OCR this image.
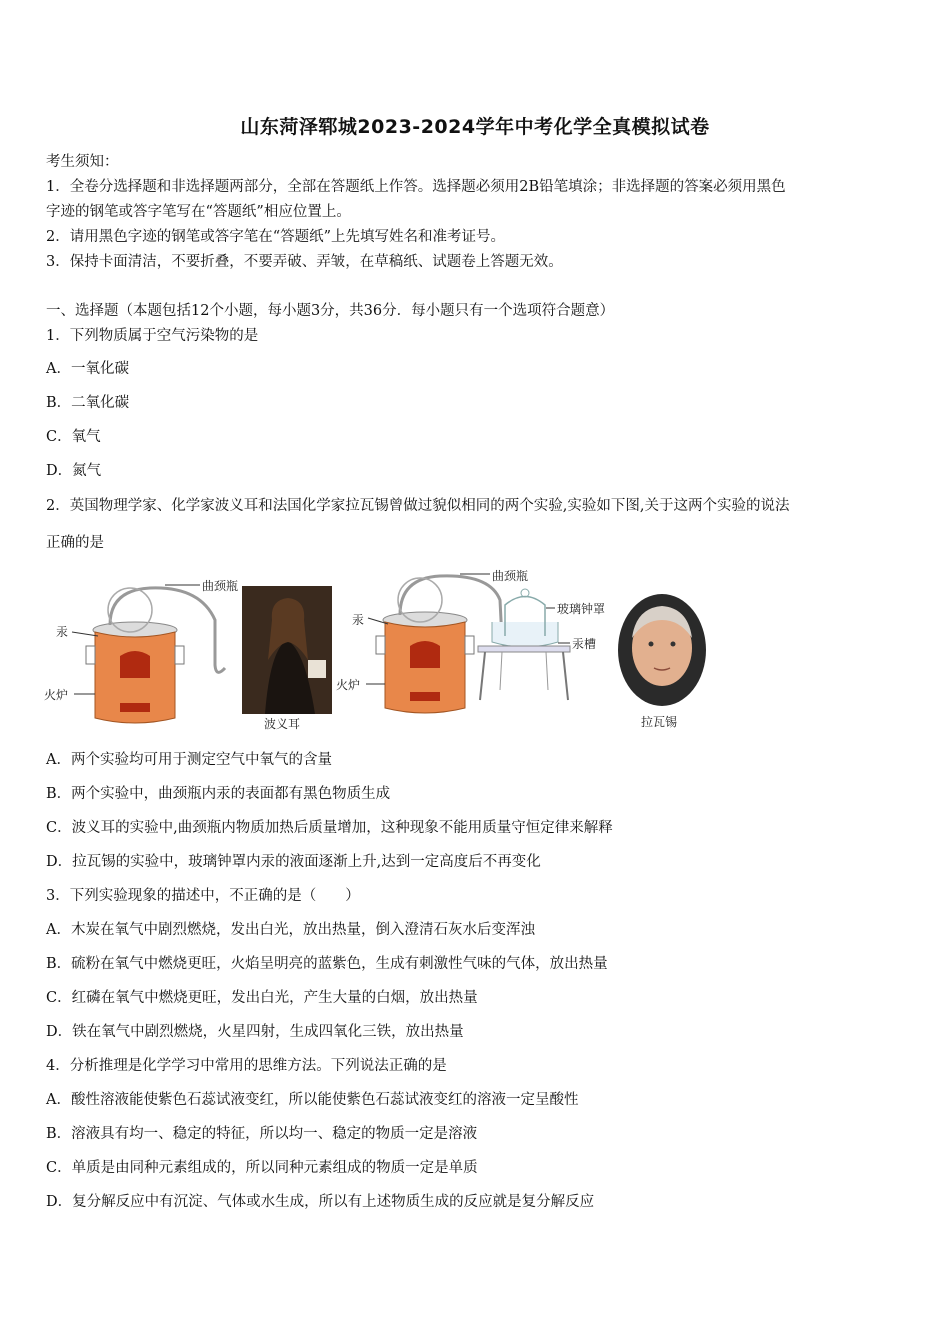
山东菏泽郓城2023-2024学年中考化学全真模拟试卷
考生须知：
1．全卷分选择题和非选择题两部分，全部在答题纸上作答。选择题必须用2B铅笔填涂；非选择题的答案必须用黑色
字迹的钢笔或答字笔写在“答题纸”相应位置上。
2．请用黑色字迹的钢笔或答字笔在“答题纸”上先填写姓名和准考证号。
3．保持卡面清洁，不要折叠，不要弄破、弄皱，在草稿纸、试题卷上答题无效。
一、选择题（本题包括12个小题，每小题3分，共36分．每小题只有一个选项符合题意）
1．下列物质属于空气污染物的是
A．一氧化碳
B．二氧化碳
C．氧气
D．氮气
2．英国物理学家、化学家波义耳和法国化学家拉瓦锡曾做过貌似相同的两个实验,实验如下图,关于这两个实验的说法
正确的是
曲颈瓶
汞
火炉
波义耳
曲颈瓶
汞
火炉
玻璃钟罩
汞槽
拉瓦锡
A．两个实验均可用于测定空气中氧气的含量
B．两个实验中，曲颈瓶内汞的表面都有黑色物质生成
C．波义耳的实验中,曲颈瓶内物质加热后质量增加，这种现象不能用质量守恒定律来解释
D．拉瓦锡的实验中，玻璃钟罩内汞的液面逐渐上升,达到一定高度后不再变化
3．下列实验现象的描述中，不正确的是（　　）
A．木炭在氧气中剧烈燃烧，发出白光，放出热量，倒入澄清石灰水后变浑浊
B．硫粉在氧气中燃烧更旺，火焰呈明亮的蓝紫色，生成有刺激性气味的气体，放出热量
C．红磷在氧气中燃烧更旺，发出白光，产生大量的白烟，放出热量
D．铁在氧气中剧烈燃烧，火星四射，生成四氧化三铁，放出热量
4．分析推理是化学学习中常用的思维方法。下列说法正确的是
A．酸性溶液能使紫色石蕊试液变红，所以能使紫色石蕊试液变红的溶液一定呈酸性
B．溶液具有均一、稳定的特征，所以均一、稳定的物质一定是溶液
C．单质是由同种元素组成的，所以同种元素组成的物质一定是单质
D．复分解反应中有沉淀、气体或水生成，所以有上述物质生成的反应就是复分解反应
